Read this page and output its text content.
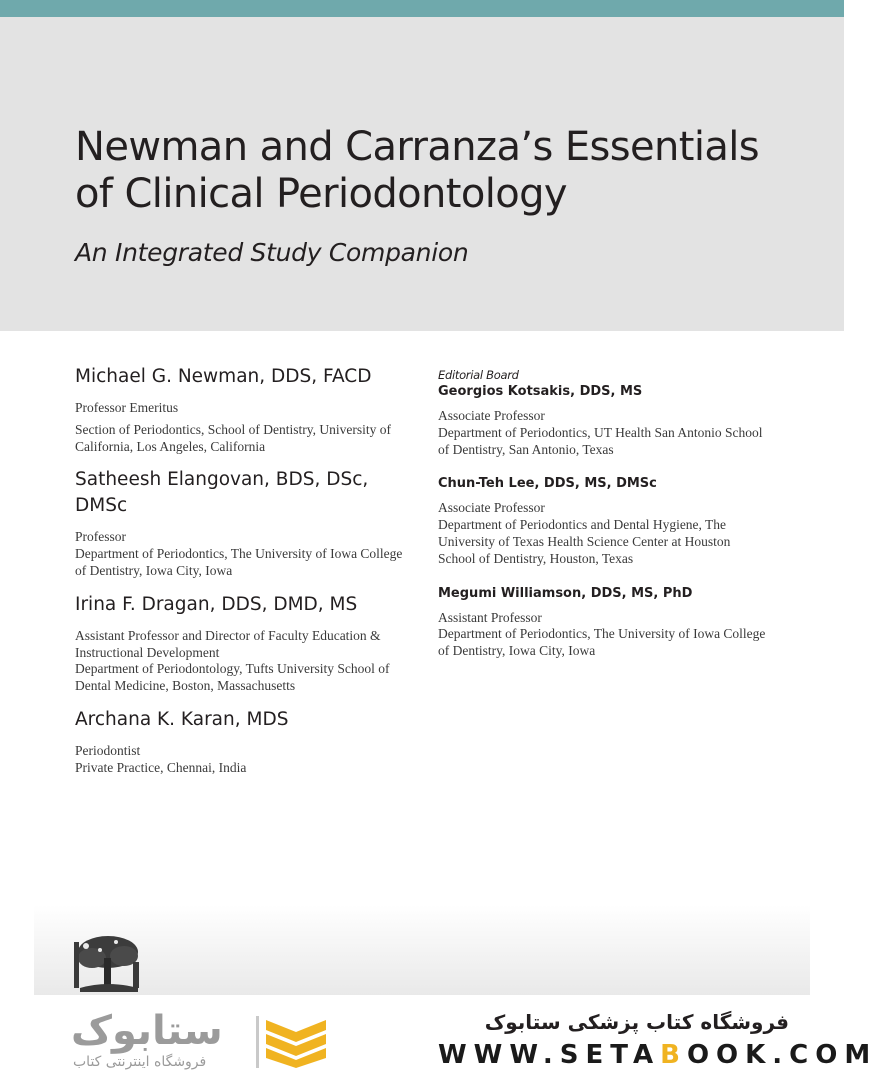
Newman and Carranza’s Essentials
of Clinical Periodontology
An Integrated Study Companion
Michael G. Newman, DDS, FACD
Professor Emeritus
Section of Periodontics, School of Dentistry, University of California, Los Angeles, California
Satheesh Elangovan, BDS, DSc, DMSc
Professor
Department of Periodontics, The University of Iowa College of Dentistry, Iowa City, Iowa
Irina F. Dragan, DDS, DMD, MS
Assistant Professor and Director of Faculty Education & Instructional Development
Department of Periodontology, Tufts University School of Dental Medicine, Boston, Massachusetts
Archana K. Karan, MDS
Periodontist
Private Practice, Chennai, India
Editorial Board
Georgios Kotsakis, DDS, MS
Associate Professor
Department of Periodontics, UT Health San Antonio School of Dentistry, San Antonio, Texas
Chun-Teh Lee, DDS, MS, DMSc
Associate Professor
Department of Periodontics and Dental Hygiene, The University of Texas Health Science Center at Houston School of Dentistry, Houston, Texas
Megumi Williamson, DDS, MS, PhD
Assistant Professor
Department of Periodontics, The University of Iowa College of Dentistry, Iowa City, Iowa
ستابوک
فروشگاه اینترنتی کتاب
فروشگاه کتاب پزشکی ستابوک
WWW.SETABOOK.COM
